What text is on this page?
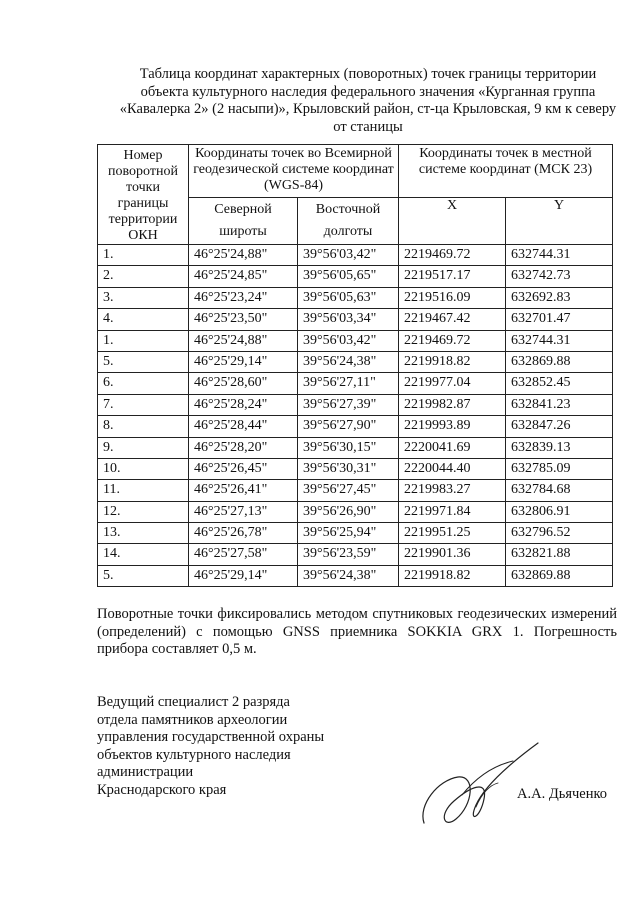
Таблица координат характерных (поворотных) точек границы территории объекта культурного наследия федерального значения «Курганная группа «Кавалерка 2» (2 насыпи)», Крыловский район, ст-ца Крыловская, 9 км к северу от станицы
Номер поворотной точки границы территории ОКН	Координаты точек во Всемирной геодезической системе координат (WGS-84)		Координаты точек в местной системе координат (МСК 23)	
	Северной широты	Восточной долготы	X	Y
1.	46°25'24,88"	39°56'03,42"	2219469.72	632744.31
2.	46°25'24,85"	39°56'05,65"	2219517.17	632742.73
3.	46°25'23,24"	39°56'05,63"	2219516.09	632692.83
4.	46°25'23,50"	39°56'03,34"	2219467.42	632701.47
1.	46°25'24,88"	39°56'03,42"	2219469.72	632744.31
5.	46°25'29,14"	39°56'24,38"	2219918.82	632869.88
6.	46°25'28,60"	39°56'27,11"	2219977.04	632852.45
7.	46°25'28,24"	39°56'27,39"	2219982.87	632841.23
8.	46°25'28,44"	39°56'27,90"	2219993.89	632847.26
9.	46°25'28,20"	39°56'30,15"	2220041.69	632839.13
10.	46°25'26,45"	39°56'30,31"	2220044.40	632785.09
11.	46°25'26,41"	39°56'27,45"	2219983.27	632784.68
12.	46°25'27,13"	39°56'26,90"	2219971.84	632806.91
13.	46°25'26,78"	39°56'25,94"	2219951.25	632796.52
14.	46°25'27,58"	39°56'23,59"	2219901.36	632821.88
5.	46°25'29,14"	39°56'24,38"	2219918.82	632869.88
Поворотные точки фиксировались методом спутниковых геодезических измерений (определений) с помощью GNSS приемника SOKKIA GRX 1. Погрешность прибора составляет 0,5 м.
Ведущий специалист 2 разряда
отдела памятников археологии
управления государственной охраны
объектов культурного наследия
администрации
Краснодарского края	А.А. Дьяченко
